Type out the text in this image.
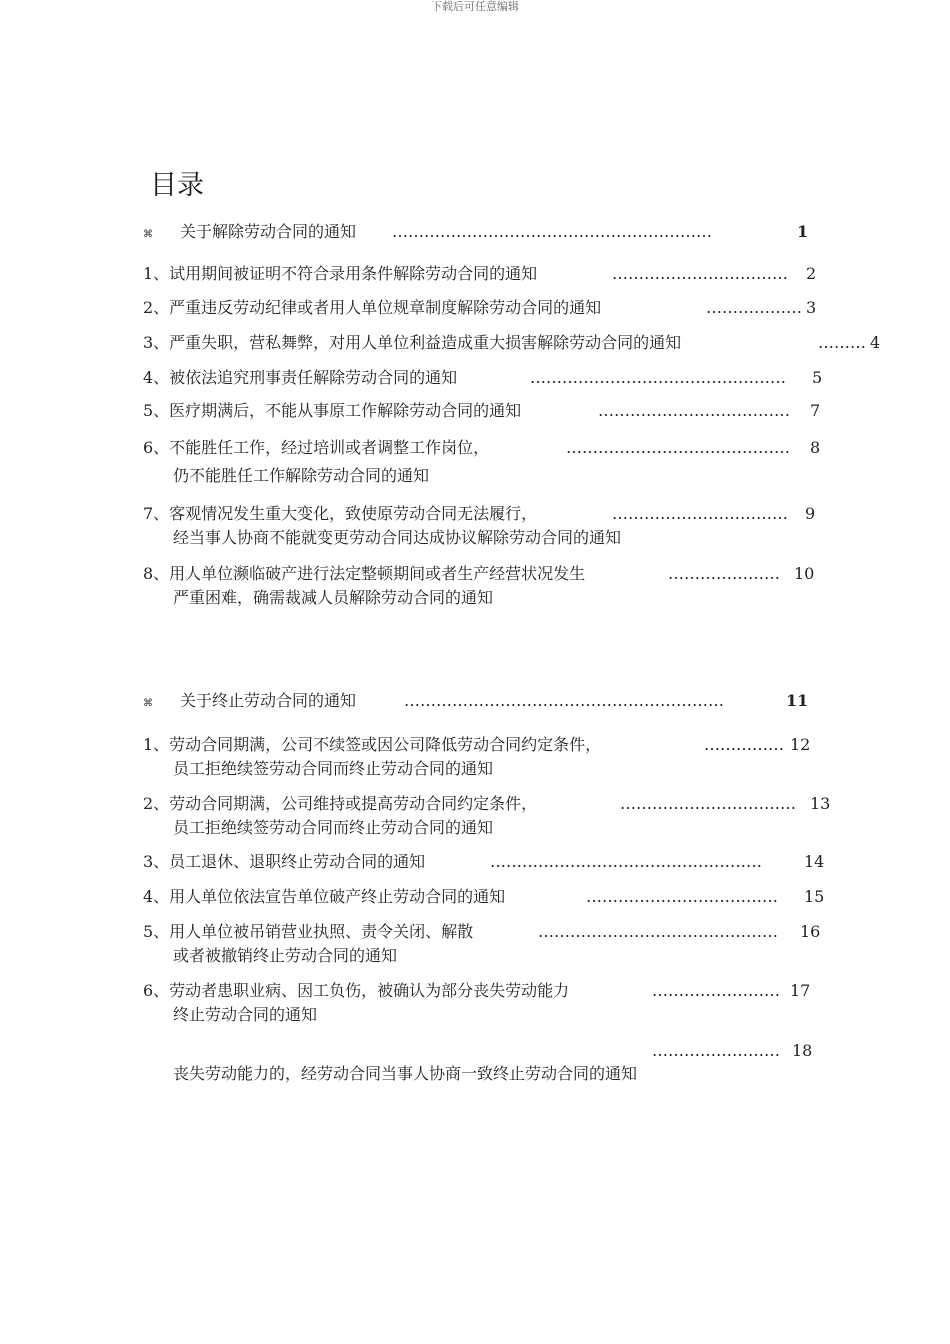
下载后可任意编辑
目录
⌘ 关于解除劳动合同的通知 ……………………………………………………	1
1、试用期间被证明不符合录用条件解除劳动合同的通知	…………………………… 2
2、严重违反劳动纪律或者用人单位规章制度解除劳动合同的通知	……………… 3
3、严重失职，营私舞弊，对用人单位利益造成重大损害解除劳动合同的通知	……… 4
4、被依法追究刑事责任解除劳动合同的通知	………………………………………… 5
5、医疗期满后，不能从事原工作解除劳动合同的通知	……………………………… 7
6、不能胜任工作，经过培训或者调整工作岗位，	…………………………………… 8
仍不能胜任工作解除劳动合同的通知
7、客观情况发生重大变化，致使原劳动合同无法履行，	…………………………… 9
经当事人协商不能就变更劳动合同达成协议解除劳动合同的通知
8、用人单位濒临破产进行法定整顿期间或者生产经营状况发生	………………… 10
严重困难，确需裁减人员解除劳动合同的通知
⌘ 关于终止劳动合同的通知	……………………………………………………	11
1、劳动合同期满，公司不续签或因公司降低劳动合同约定条件，	…………… 12
员工拒绝续签劳动合同而终止劳动合同的通知
2、劳动合同期满，公司维持或提高劳动合同约定条件，	…………………………… 13
员工拒绝续签劳动合同而终止劳动合同的通知
3、员工退休、退职终止劳动合同的通知	……………………………………………	14
4、用人单位依法宣告单位破产终止劳动合同的通知	……………………………… 15
5、用人单位被吊销营业执照、责令关闭、解散	……………………………………… 16
或者被撤销终止劳动合同的通知
6、劳动者患职业病、因工负伤，被确认为部分丧失劳动能力	…………………… 17
终止劳动合同的通知
…………………… 18
丧失劳动能力的，经劳动合同当事人协商一致终止劳动合同的通知
